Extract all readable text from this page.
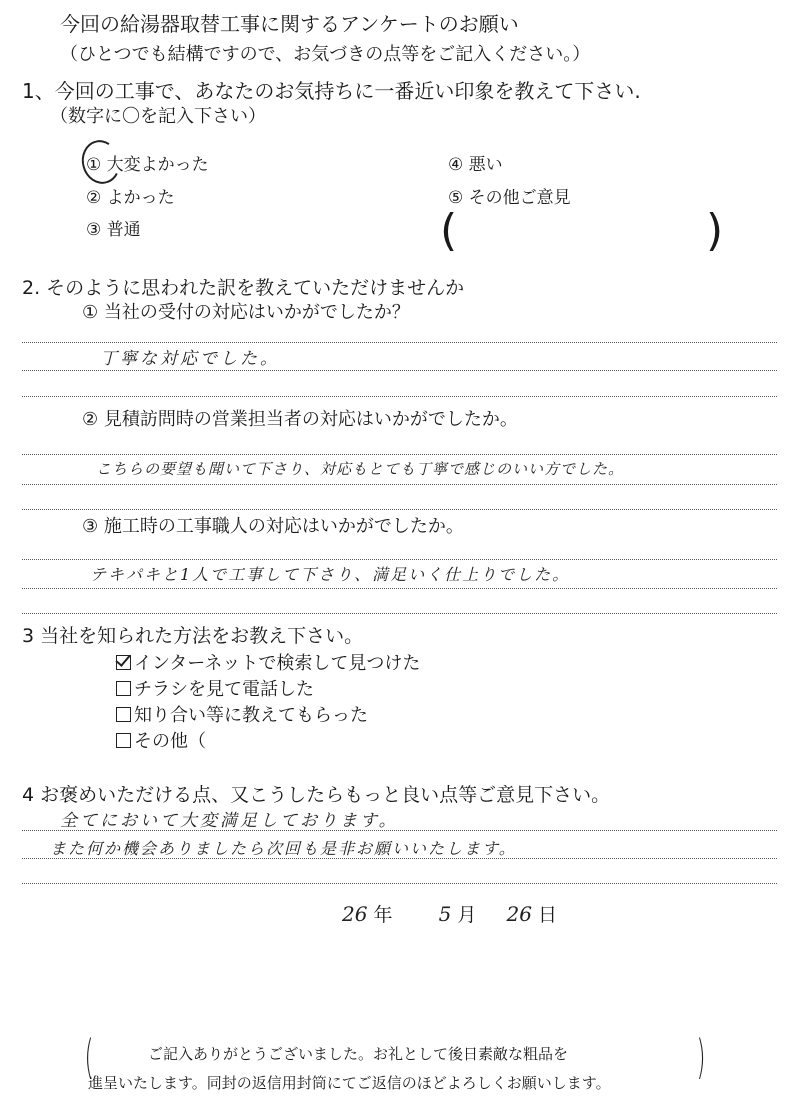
今回の給湯器取替工事に関するアンケートのお願い
（ひとつでも結構ですので、お気づきの点等をご記入ください。）
1、今回の工事で、あなたのお気持ちに一番近い印象を教えて下さい.
（数字に〇を記入下さい）
① 大変よかった
② よかった
③ 普通
④ 悪い
⑤ その他ご意見
(	)
2. そのように思われた訳を教えていただけませんか
① 当社の受付の対応はいかがでしたか？
丁寧な対応でした。
② 見積訪問時の営業担当者の対応はいかがでしたか。
こちらの要望も聞いて下さり、対応もとても丁寧で感じのいい方でした。
③ 施工時の工事職人の対応はいかがでしたか。
テキパキと1人で工事して下さり、満足いく仕上りでした。
3 当社を知られた方法をお教え下さい。
インターネットで検索して見つけた
チラシを見て電話した
知り合い等に教えてもらった
その他（
4 お褒めいただける点、又こうしたらもっと良い点等ご意見下さい。
全てにおいて大変満足しております。
また何か機会ありましたら次回も是非お願いいたします。
26 年 5 月 26 日
(	)
ご記入ありがとうございました。お礼として後日素敵な粗品を
進呈いたします。同封の返信用封筒にてご返信のほどよろしくお願いします。
